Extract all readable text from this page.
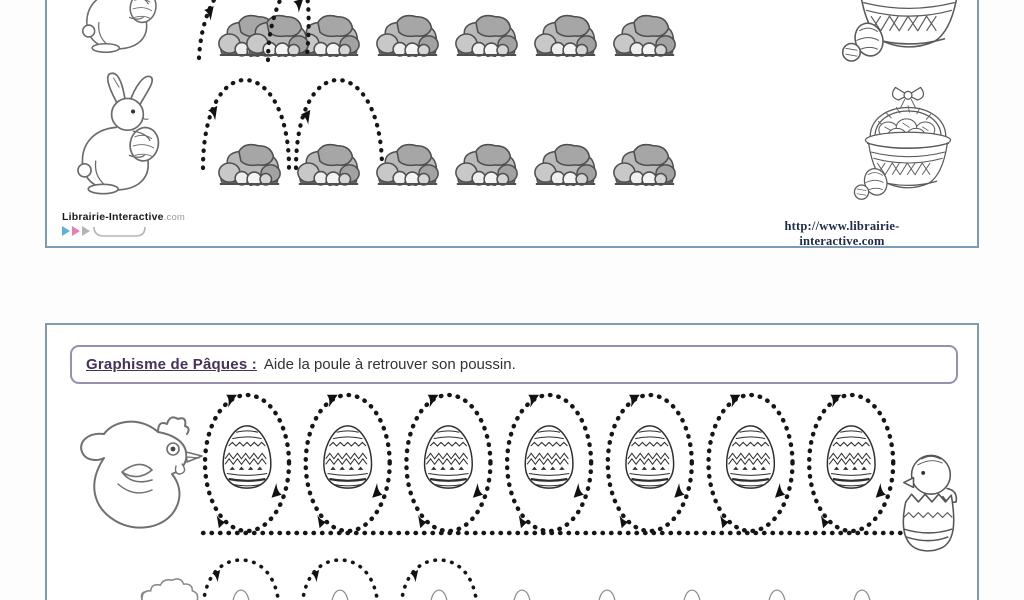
Graphisme de Pâques : Aide la poule à retrouver son poussin.
Librairie-Interactive.com
http://www.librairie-interactive.com
